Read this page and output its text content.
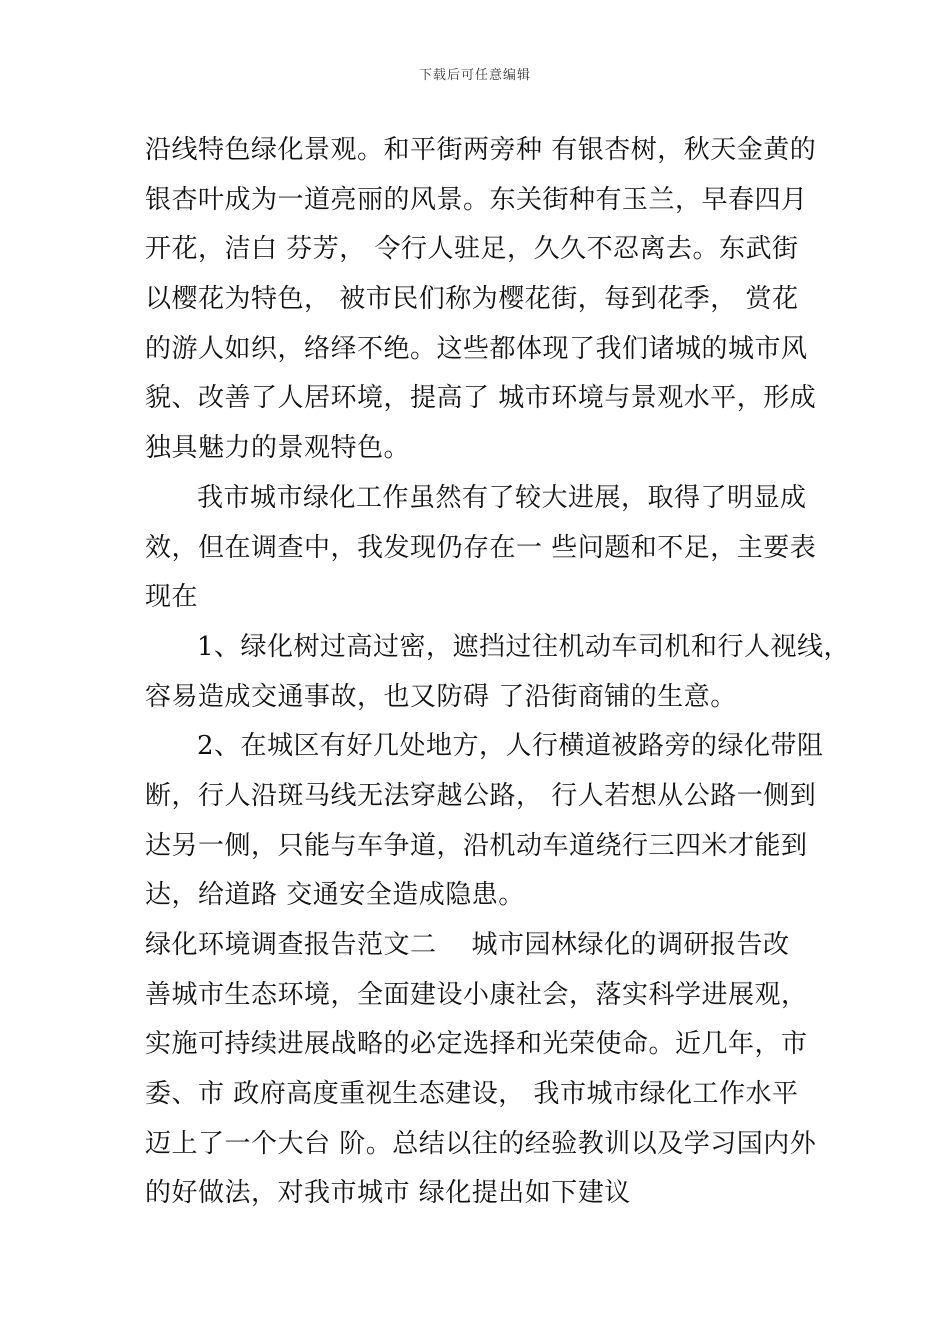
下载后可任意编辑
沿线特色绿化景观。和平街两旁种 有银杏树，秋天金黄的
银杏叶成为一道亮丽的风景。东关街种有玉兰，早春四月
开花，洁白 芬芳， 令行人驻足，久久不忍离去。东武街
以樱花为特色， 被市民们称为樱花街，每到花季， 赏花
的游人如织，络绎不绝。这些都体现了我们诸城的城市风
貌、改善了人居环境，提高了 城市环境与景观水平，形成
独具魅力的景观特色。
我市城市绿化工作虽然有了较大进展，取得了明显成
效，但在调查中，我发现仍存在一 些问题和不足，主要表
现在
1、绿化树过高过密，遮挡过往机动车司机和行人视线，
容易造成交通事故，也又防碍 了沿街商铺的生意。
2、在城区有好几处地方，人行横道被路旁的绿化带阻
断，行人沿斑马线无法穿越公路， 行人若想从公路一侧到
达另一侧，只能与车争道，沿机动车道绕行三四米才能到
达，给道路 交通安全造成隐患。
绿化环境调查报告范文二    城市园林绿化的调研报告改
善城市生态环境，全面建设小康社会，落实科学进展观，
实施可持续进展战略的必定选择和光荣使命。近几年，市
委、市 政府高度重视生态建设， 我市城市绿化工作水平
迈上了一个大台 阶。总结以往的经验教训以及学习国内外
的好做法，对我市城市 绿化提出如下建议
